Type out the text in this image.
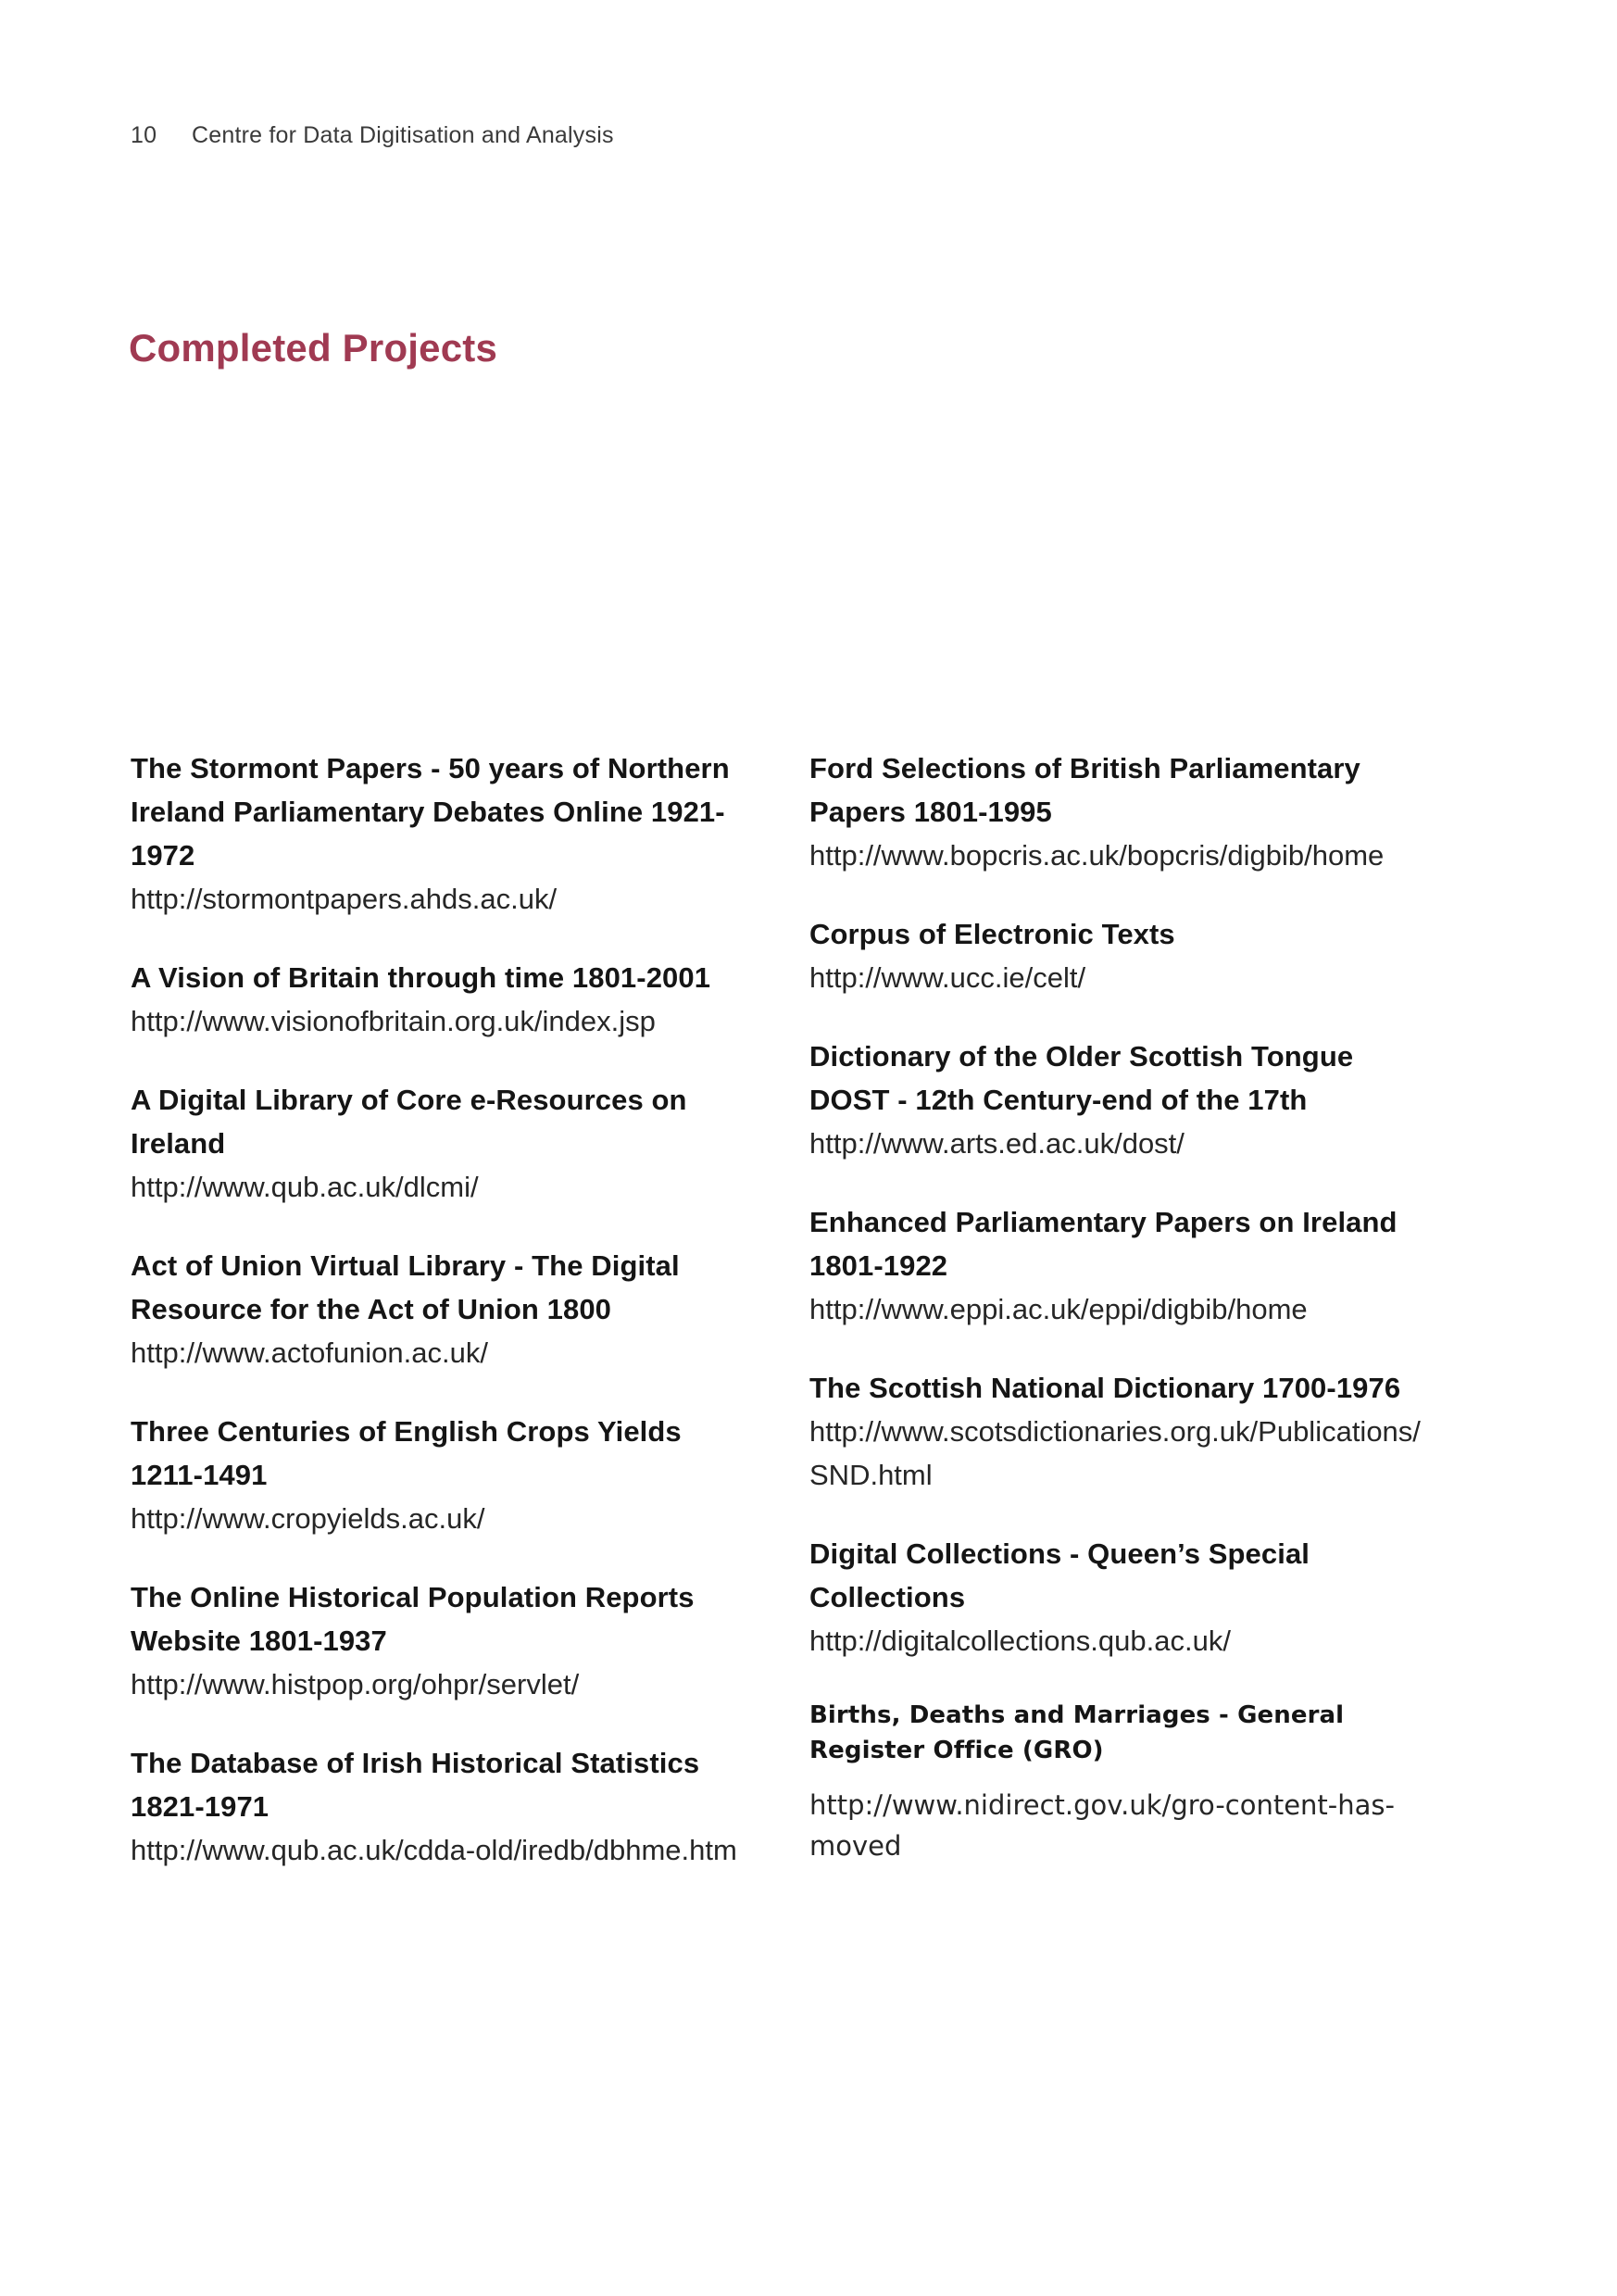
10	Centre for Data Digitisation and Analysis
Completed Projects
The Stormont Papers - 50 years of Northern Ireland Parliamentary Debates Online 1921-1972

http://stormontpapers.ahds.ac.uk/

A Vision of Britain through time 1801-2001

http://www.visionofbritain.org.uk/index.jsp

A Digital Library of Core e-Resources on Ireland

http://www.qub.ac.uk/dlcmi/

Act of Union Virtual Library - The Digital Resource for the Act of Union 1800

http://www.actofunion.ac.uk/

Three Centuries of English Crops Yields 1211-1491

http://www.cropyields.ac.uk/

The Online Historical Population Reports Website 1801-1937

http://www.histpop.org/ohpr/servlet/

The Database of Irish Historical Statistics 1821-1971

http://www.qub.ac.uk/cdda-old/iredb/dbhme.htm

Ford Selections of British Parliamentary Papers 1801-1995

http://www.bopcris.ac.uk/bopcris/digbib/home

Corpus of Electronic Texts

http://www.ucc.ie/celt/

Dictionary of the Older Scottish Tongue DOST - 12th Century-end of the 17th

http://www.arts.ed.ac.uk/dost/

Enhanced Parliamentary Papers on Ireland 1801-1922

http://www.eppi.ac.uk/eppi/digbib/home

The Scottish National Dictionary 1700-1976

http://www.scotsdictionaries.org.uk/Publications/SND.html

Digital Collections - Queen’s Special Collections

http://digitalcollections.qub.ac.uk/

Births, Deaths and Marriages - General Register Office (GRO)

http://www.nidirect.gov.uk/gro-content-has-moved
